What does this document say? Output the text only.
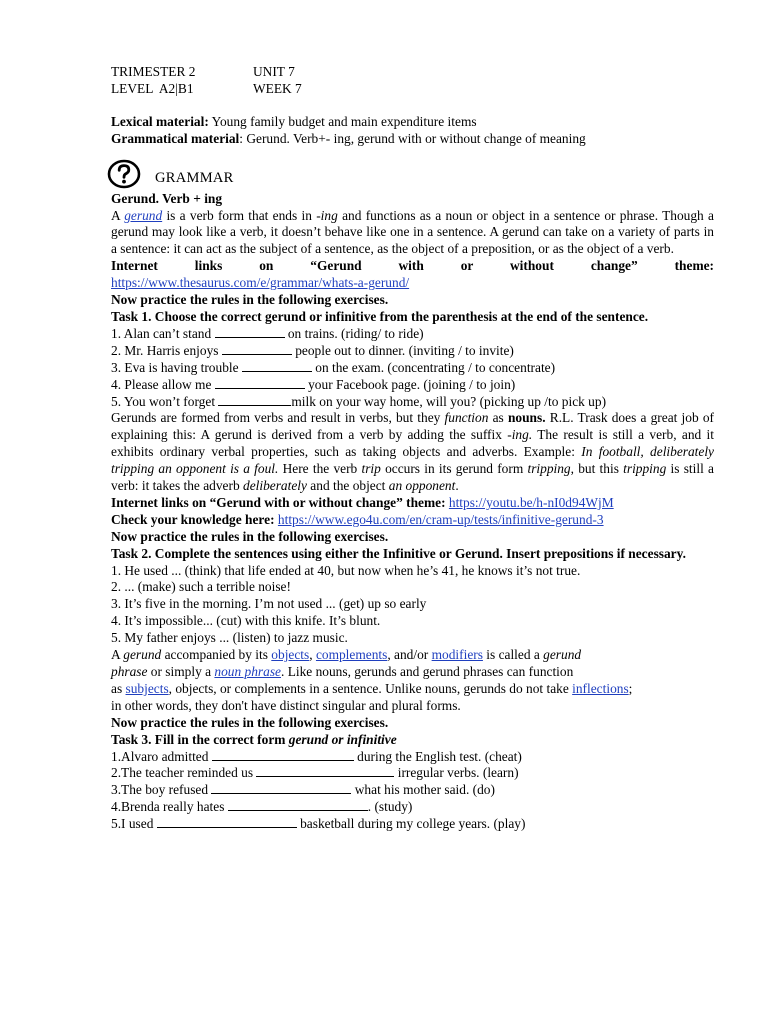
TRIMESTER 2	UNIT 7
LEVEL  A2|B1	WEEK 7

Lexical material: Young family budget and main expenditure items

Grammatical material: Gerund. Verb+- ing, gerund with or without change of meaning

GRAMMAR

Gerund. Verb + ing

A gerund is a verb form that ends in -ing and functions as a noun or object in a sentence or phrase. Though a gerund may look like a verb, it doesn’t behave like one in a sentence. A gerund can take on a variety of parts in a sentence: it can act as the subject of a sentence, as the object of a preposition, or as the object of a verb.

Internet links on “Gerund with or without change” theme:

https://www.thesaurus.com/e/grammar/whats-a-gerund/

Now practice the rules in the following exercises.

Task 1. Choose the correct gerund or infinitive from the parenthesis at the end of the sentence.

1. Alan can’t stand	on trains. (riding/ to ride)

2. Mr. Harris enjoys	people out to dinner. (inviting / to invite)

3. Eva is having trouble	on the exam. (concentrating / to concentrate)

4. Please allow me	your Facebook page. (joining / to join)

5. You won’t forget	milk on your way home, will you? (picking up /to pick up)

Gerunds are formed from verbs and result in verbs, but they function as nouns. R.L. Trask does a great job of explaining this: A gerund is derived from a verb by adding the suffix -ing. The result is still a verb, and it exhibits ordinary verbal properties, such as taking objects and adverbs. Example: In football, deliberately tripping an opponent is a foul. Here the verb trip occurs in its gerund form tripping, but this tripping is still a verb: it takes the adverb deliberately and the object an opponent.

Internet links on “Gerund with or without change” theme: https://youtu.be/h-nI0d94WjM

Check your knowledge here: https://www.ego4u.com/en/cram-up/tests/infinitive-gerund-3

Now practice the rules in the following exercises.

Task 2. Complete the sentences using either the Infinitive or Gerund. Insert prepositions if necessary.

1. He used ... (think) that life ended at 40, but now when he’s 41, he knows it’s not true.

2. ... (make) such a terrible noise!

3. It’s five in the morning. I’m not used ... (get) up so early

4. It’s impossible... (cut) with this knife. It’s blunt.

5. My father enjoys ... (listen) to jazz music.

A gerund accompanied by its objects, complements, and/or modifiers is called a gerund
phrase or simply a noun phrase. Like nouns, gerunds and gerund phrases can function
as subjects, objects, or complements in a sentence. Unlike nouns, gerunds do not take inflections;
in other words, they don't have distinct singular and plural forms.

Now practice the rules in the following exercises.

Task 3. Fill in the correct form gerund or infinitive

1.Alvaro admitted	during the English test. (cheat)

2.The teacher reminded us	irregular verbs. (learn)

3.The boy refused	what his mother said. (do)

4.Brenda really hates	. (study)

5.I used	basketball during my college years. (play)
